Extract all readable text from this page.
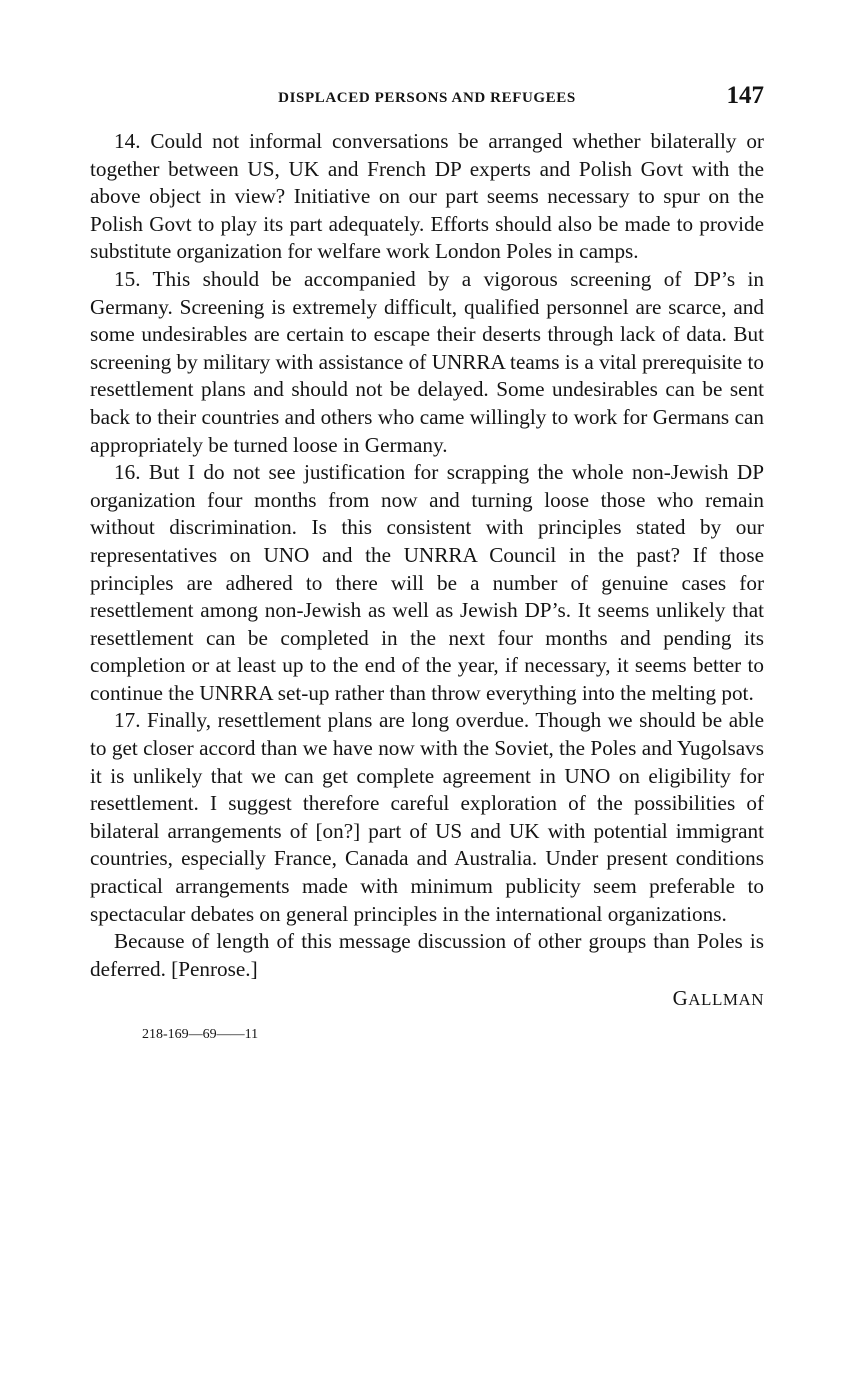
DISPLACED PERSONS AND REFUGEES	147

14. Could not informal conversations be arranged whether bilaterally or together between US, UK and French DP experts and Polish Govt with the above object in view? Initiative on our part seems necessary to spur on the Polish Govt to play its part adequately. Efforts should also be made to provide substitute organization for welfare work London Poles in camps.

15. This should be accompanied by a vigorous screening of DP’s in Germany. Screening is extremely difficult, qualified personnel are scarce, and some undesirables are certain to escape their deserts through lack of data. But screening by military with assistance of UNRRA teams is a vital prerequisite to resettlement plans and should not be delayed. Some undesirables can be sent back to their countries and others who came willingly to work for Germans can appropriately be turned loose in Germany.

16. But I do not see justification for scrapping the whole non-Jewish DP organization four months from now and turning loose those who remain without discrimination. Is this consistent with principles stated by our representatives on UNO and the UNRRA Council in the past? If those principles are adhered to there will be a number of genuine cases for resettlement among non-Jewish as well as Jewish DP’s. It seems unlikely that resettlement can be completed in the next four months and pending its completion or at least up to the end of the year, if necessary, it seems better to continue the UNRRA set-up rather than throw everything into the melting pot.

17. Finally, resettlement plans are long overdue. Though we should be able to get closer accord than we have now with the Soviet, the Poles and Yugolsavs it is unlikely that we can get complete agreement in UNO on eligibility for resettlement. I suggest therefore careful exploration of the possibilities of bilateral arrangements of [on?] part of US and UK with potential immigrant countries, especially France, Canada and Australia. Under present conditions practical arrangements made with minimum publicity seem preferable to spectacular debates on general principles in the international organizations.

Because of length of this message discussion of other groups than Poles is deferred. [Penrose.]

GALLMAN
218-169—69——11
